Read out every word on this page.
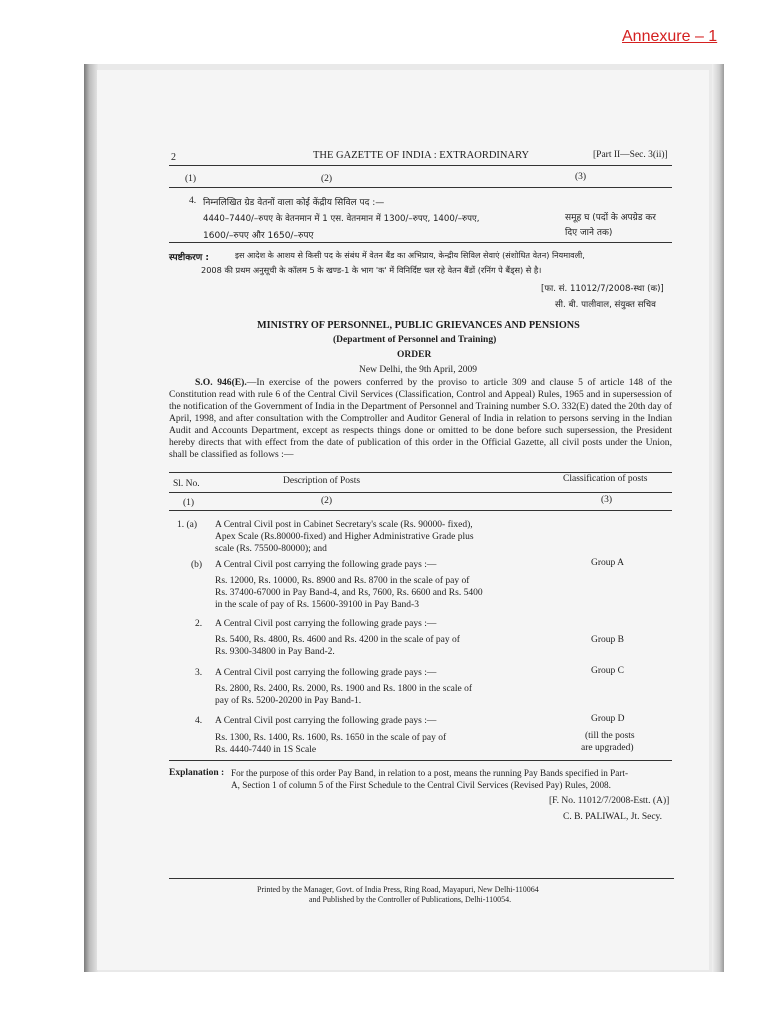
Annexure – 1
2	THE GAZETTE OF INDIA : EXTRAORDINARY	[Part II—Sec. 3(ii)]
(1)	(2)	(3)
4. निम्नलिखित ग्रेड वेतनों वाला कोई केंद्रीय सिविल पद :—
4440–7440/–रुपए के वेतनमान में 1 एस. वेतनमान में 1300/–रुपए, 1400/–रुपए,
1600/–रुपए और 1650/–रुपए
समूह घ (पदों के अपग्रेड कर
दिए जाने तक)
स्पष्टीकरण :	इस आदेश के आशय से किसी पद के संबंध में वेतन बैंड का अभिप्राय, केन्द्रीय सिविल सेवाएं (संशोधित वेतन) नियमावली,
2008 की प्रथम अनुसूची के कॉलम 5 के खण्ड-1 के भाग 'क' में विनिर्दिष्ट चल रहे वेतन बैंडों (रनिंग पे बैंड्स) से है।
[फा. सं. 11012/7/2008-स्था (क)]
सी. बी. पालीवाल, संयुक्त सचिव
MINISTRY OF PERSONNEL, PUBLIC GRIEVANCES AND PENSIONS
(Department of Personnel and Training)
ORDER
New Delhi, the 9th April, 2009
S.O. 946(E).—In exercise of the powers conferred by the proviso to article 309 and clause 5 of article 148 of the Constitution read with rule 6 of the Central Civil Services (Classification, Control and Appeal) Rules, 1965 and in supersession of the notification of the Government of India in the Department of Personnel and Training number S.O. 332(E) dated the 20th day of April, 1998, and after consultation with the Comptroller and Auditor General of India in relation to persons serving in the Indian Audit and Accounts Department, except as respects things done or omitted to be done before such supersession, the President hereby directs that with effect from the date of publication of this order in the Official Gazette, all civil posts under the Union, shall be classified as follows :—
Sl. No.	Description of Posts	Classification of posts
(1)	(2)	(3)
1. (a) A Central Civil post in Cabinet Secretary's scale (Rs. 90000- fixed),
Apex Scale (Rs.80000-fixed) and Higher Administrative Grade plus
scale (Rs. 75500-80000); and
(b) A Central Civil post carrying the following grade pays :—
Rs. 12000, Rs. 10000, Rs. 8900 and Rs. 8700 in the scale of pay of
Rs. 37400-67000 in Pay Band-4, and Rs, 7600, Rs. 6600 and Rs. 5400
in the scale of pay of Rs. 15600-39100 in Pay Band-3
Group A
2. A Central Civil post carrying the following grade pays :—
Rs. 5400, Rs. 4800, Rs. 4600 and Rs. 4200 in the scale of pay of
Rs. 9300-34800 in Pay Band-2.
Group B
3. A Central Civil post carrying the following grade pays :—
Rs. 2800, Rs. 2400, Rs. 2000, Rs. 1900 and Rs. 1800 in the scale of
pay of Rs. 5200-20200 in Pay Band-1.
Group C
4. A Central Civil post carrying the following grade pays :—
Rs. 1300, Rs. 1400, Rs. 1600, Rs. 1650 in the scale of pay of
Rs. 4440-7440 in 1S Scale
Group D
(till the posts
are upgraded)
Explanation : For the purpose of this order Pay Band, in relation to a post, means the running Pay Bands specified in Part-
A, Section 1 of column 5 of the First Schedule to the Central Civil Services (Revised Pay) Rules, 2008.
[F. No. 11012/7/2008-Estt. (A)]
C. B. PALIWAL, Jt. Secy.
Printed by the Manager, Govt. of India Press, Ring Road, Mayapuri, New Delhi-110064
and Published by the Controller of Publications, Delhi-110054.
